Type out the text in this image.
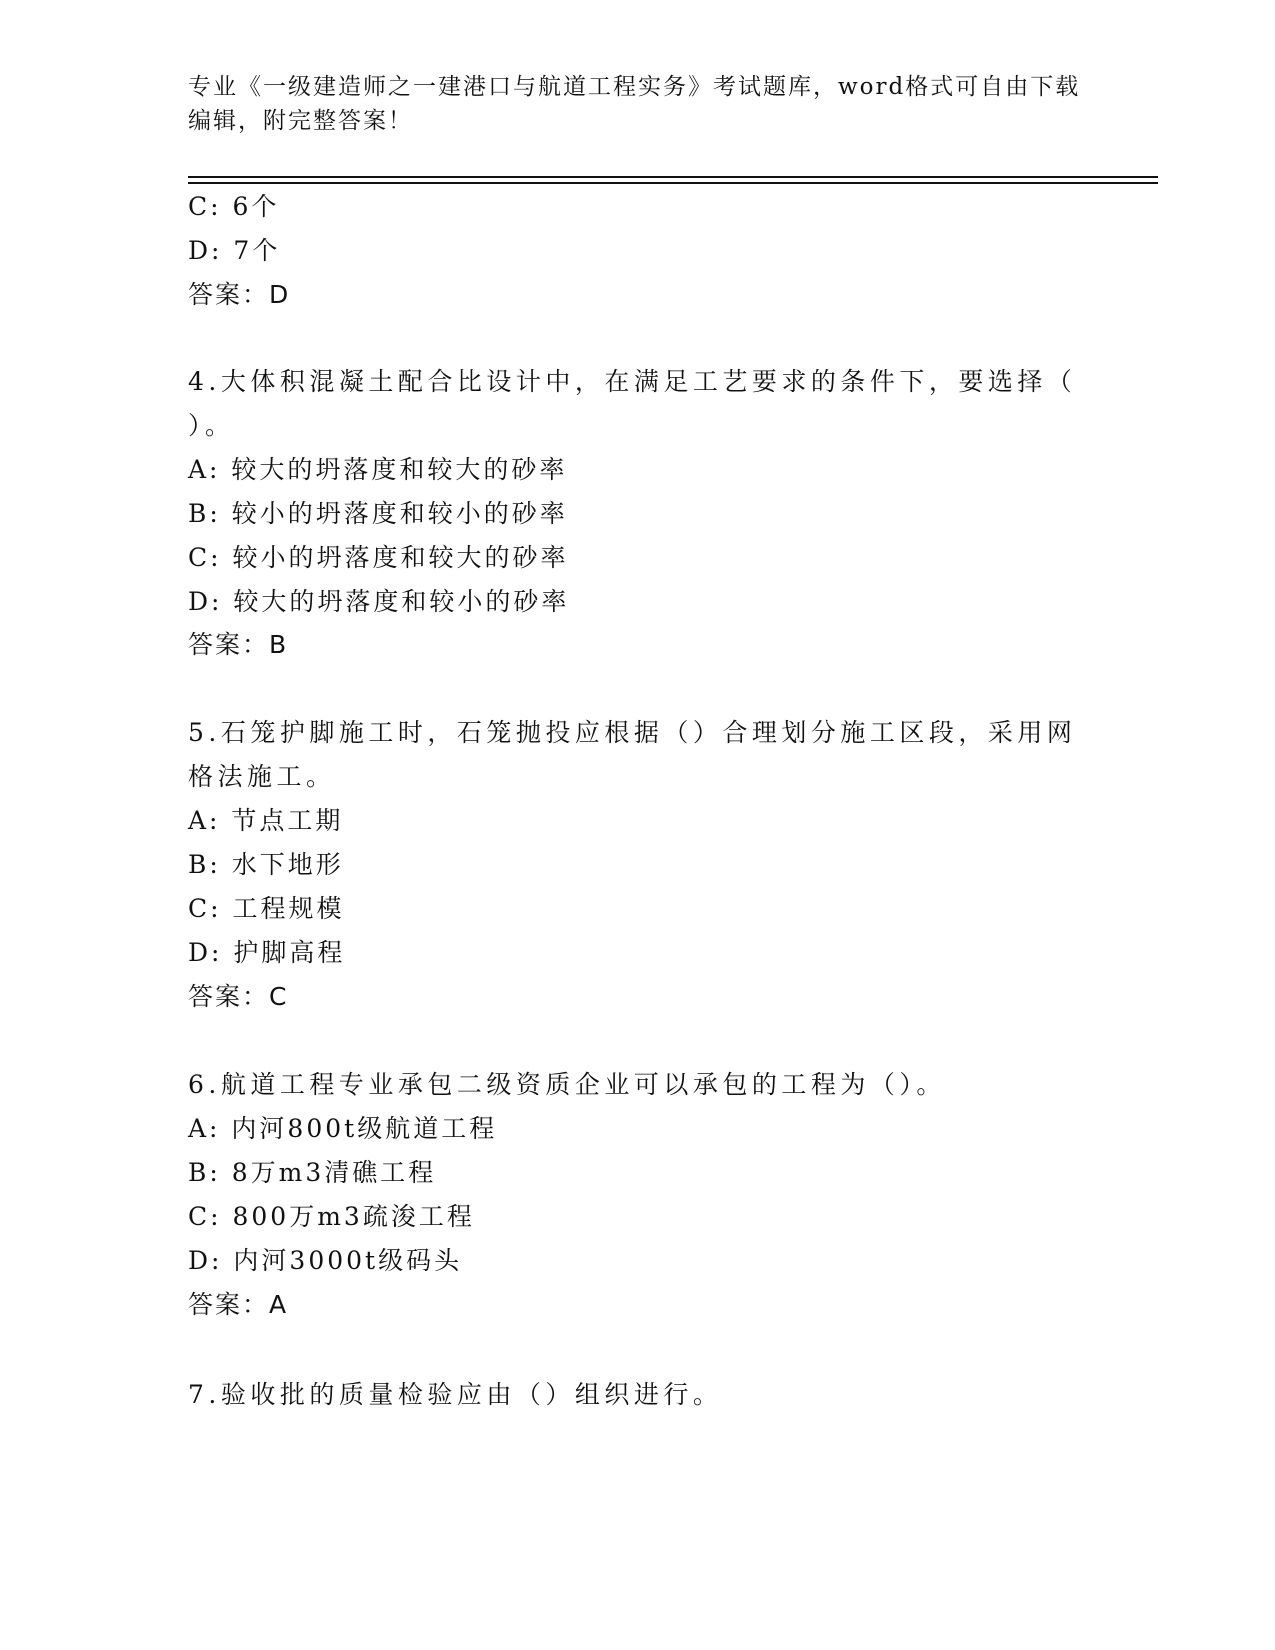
专业《一级建造师之一建港口与航道工程实务》考试题库，word格式可自由下载
编辑，附完整答案！
C: 6个
D: 7个
答案：D
4.大体积混凝土配合比设计中，在满足工艺要求的条件下，要选择（
）。
A: 较大的坍落度和较大的砂率
B: 较小的坍落度和较小的砂率
C: 较小的坍落度和较大的砂率
D: 较大的坍落度和较小的砂率
答案：B
5.石笼护脚施工时，石笼抛投应根据（）合理划分施工区段，采用网
格法施工。
A: 节点工期
B: 水下地形
C: 工程规模
D: 护脚高程
答案：C
6.航道工程专业承包二级资质企业可以承包的工程为（）。
A: 内河800t级航道工程
B: 8万m3清礁工程
C: 800万m3疏浚工程
D: 内河3000t级码头
答案：A
7.验收批的质量检验应由（）组织进行。
